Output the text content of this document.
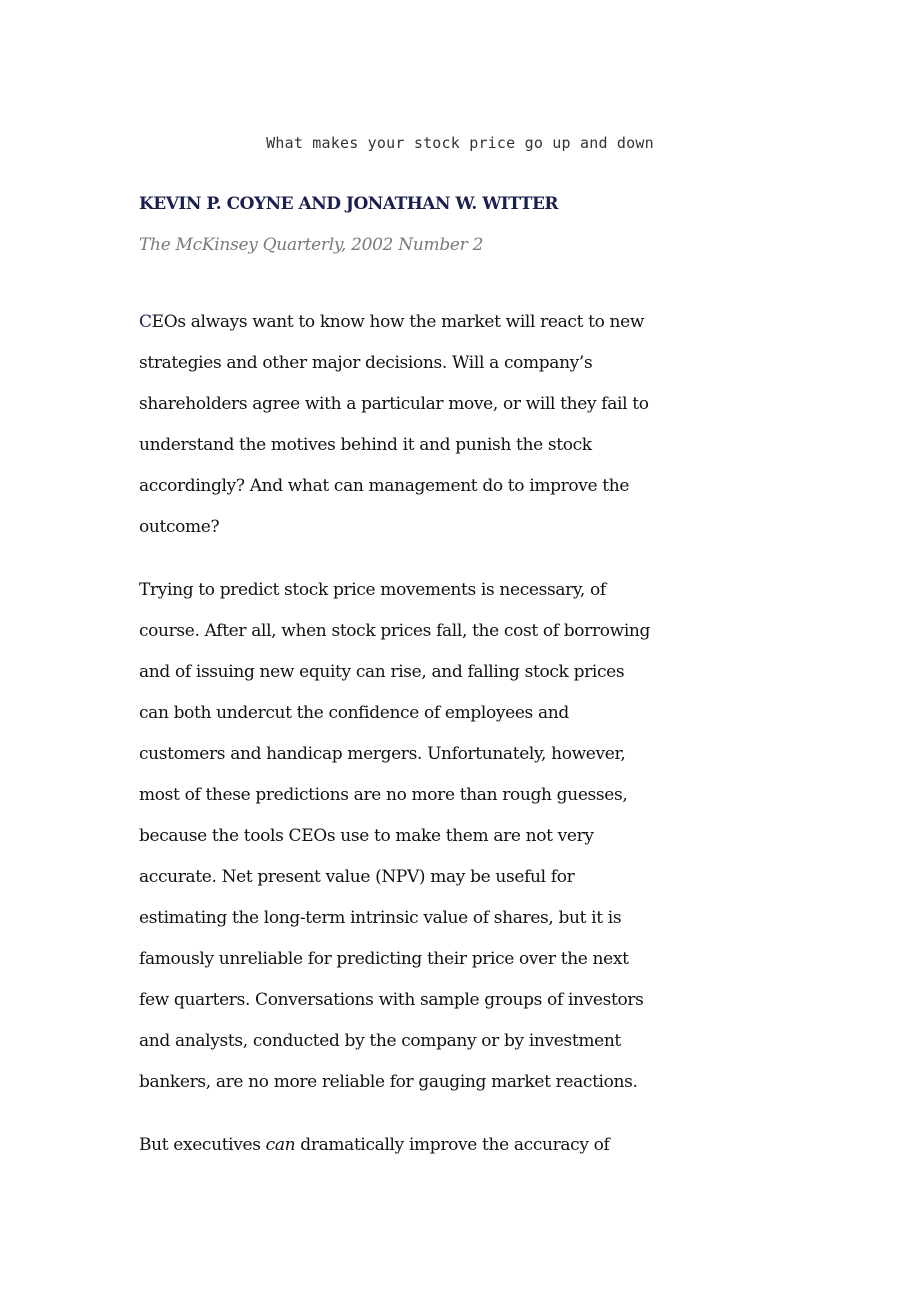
What makes your stock price go up and down
KEVIN P. COYNE AND JONATHAN W. WITTER
The McKinsey Quarterly, 2002 Number 2
CEOs always want to know how the market will react to new
strategies and other major decisions. Will a company’s
shareholders agree with a particular move, or will they fail to
understand the motives behind it and punish the stock
accordingly? And what can management do to improve the
outcome?
Trying to predict stock price movements is necessary, of
course. After all, when stock prices fall, the cost of borrowing
and of issuing new equity can rise, and falling stock prices
can both undercut the confidence of employees and
customers and handicap mergers. Unfortunately, however,
most of these predictions are no more than rough guesses,
because the tools CEOs use to make them are not very
accurate. Net present value (NPV) may be useful for
estimating the long-term intrinsic value of shares, but it is
famously unreliable for predicting their price over the next
few quarters. Conversations with sample groups of investors
and analysts, conducted by the company or by investment
bankers, are no more reliable for gauging market reactions.
But executives can dramatically improve the accuracy of
